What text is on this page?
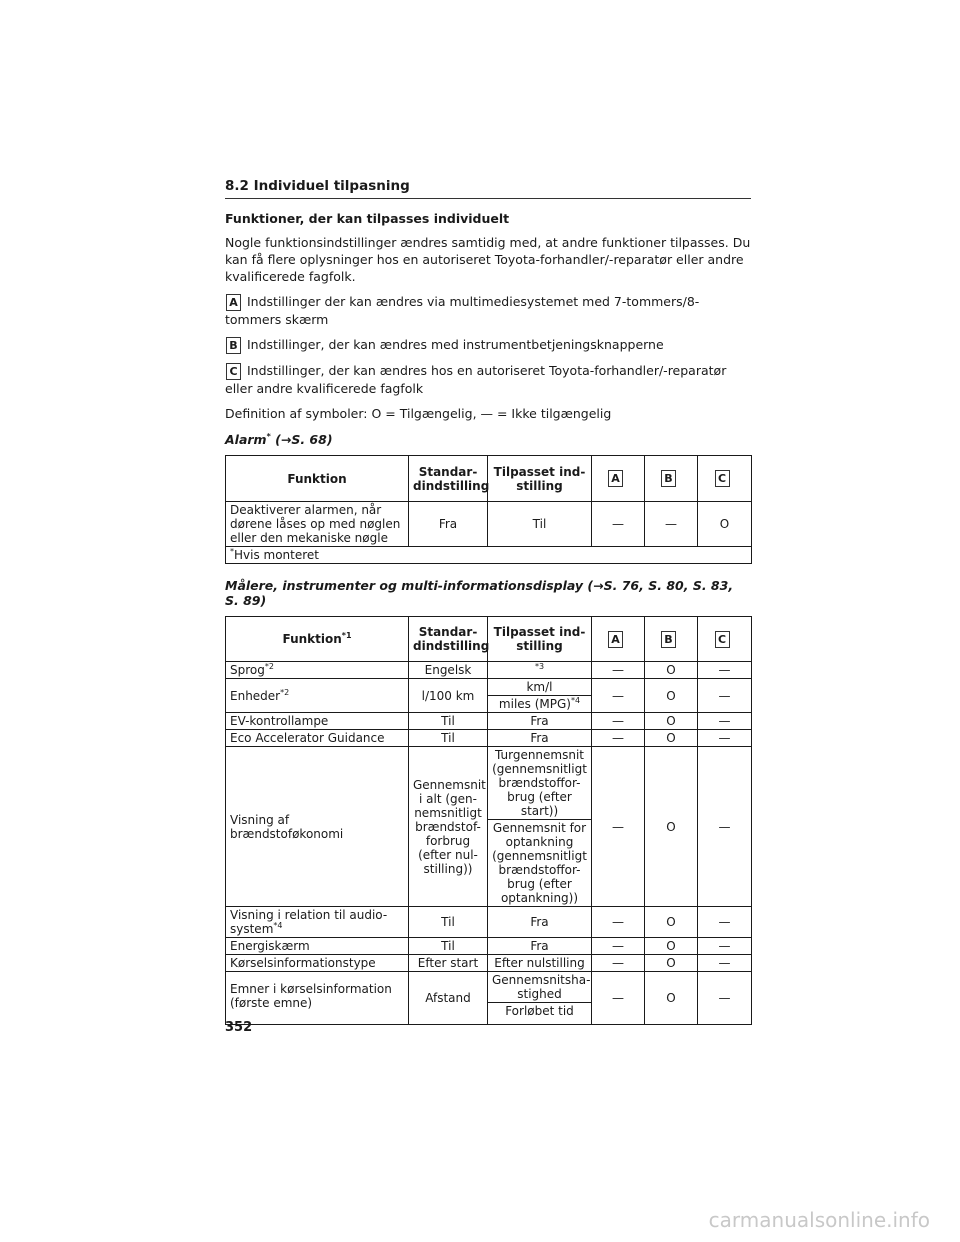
8.2 Individuel tilpasning
Funktioner, der kan tilpasses individuelt

Nogle funktionsindstillinger ændres samtidig med, at andre funktioner tilpasses. Du kan få flere oplysninger hos en autoriseret Toyota-forhandler/-reparatør eller andre kvalificerede fagfolk.

A Indstillinger der kan ændres via multimediesystemet med 7-tommers/8-tommers skærm

B Indstillinger, der kan ændres med instrumentbetjeningsknapperne

C Indstillinger, der kan ændres hos en autoriseret Toyota-forhandler/-reparatør eller andre kvalificerede fagfolk

Definition af symboler: O = Tilgængelig, — = Ikke tilgængelig

Alarm* (→S. 68)
Funktion	Standar-dindstilling	Tilpasset ind-stilling	A	B	C
Deaktiverer alarmen, når dørene låses op med nøglen eller den mekaniske nøgle	Fra	Til	—	—	O
*Hvis monteret					
Målere, instrumenter og multi-informationsdisplay (→S. 76, S. 80, S. 83, S. 89)
Funktion$^{*1}$	Standar-dindstilling	Tilpasset ind-stilling	A	B	C
Sprog$^{*2}$	Engelsk	$^{*3}$	—	O	—
Enheder$^{*2}$	l/100 km	km/l	—	O	—
		miles (MPG)$^{*4}$
EV-kontrollampe	Til	Fra	—	O	—
Eco Accelerator Guidance	Til	Fra	—	O	—
Visning af brændstoføkonomi	Gennemsnit i alt (gen-nemsnitligt brændstof-forbrug (efter nul-stilling))	Turgennemsnit (gennemsnitligt brændstoffor-brug (efter start))	—	O	—
		Gennemsnit for optankning (gennemsnitligt brændstoffor-brug (efter optankning))			
Visning i relation til audio-system$^{*4}$	Til	Fra	—	O	—
Energiskærm	Til	Fra	—	O	—
Kørselsinformationstype	Efter start	Efter nulstilling	—	O	—
Emner i kørselsinformation (første emne)	Afstand	Gennemsnitsha-stighed	—	O	—
		Forløbet tid			
352
carmanualsonline.info
